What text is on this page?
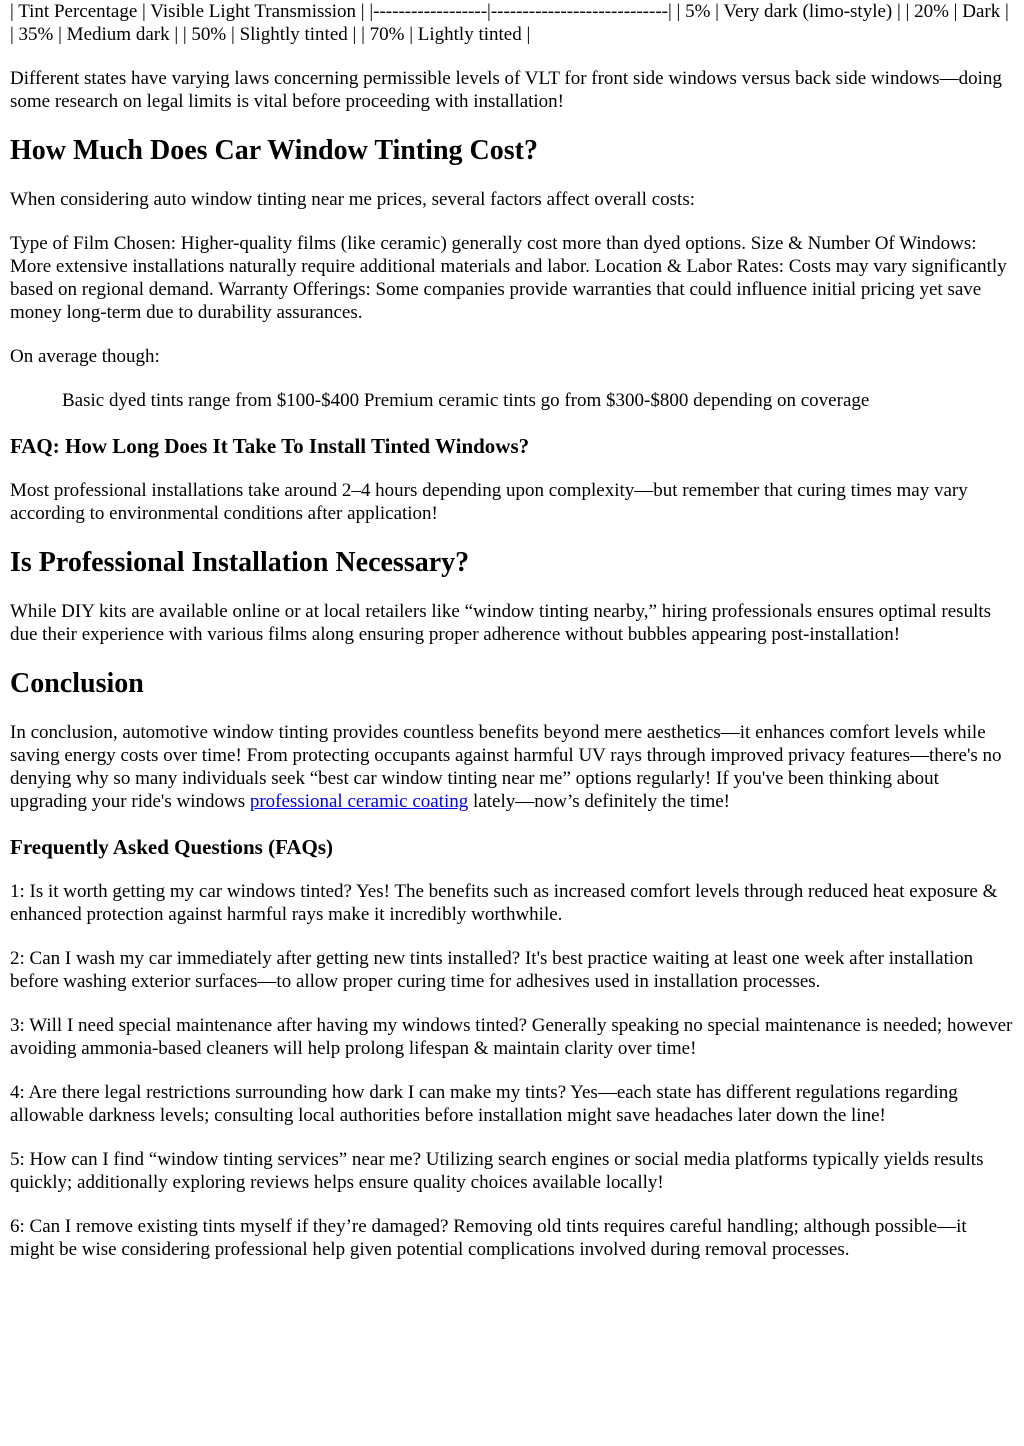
| Tint Percentage | Visible Light Transmission | |------------------|----------------------------| | 5% | Very dark (limo-style) | | 20% | Dark | | 35% | Medium dark | | 50% | Slightly tinted | | 70% | Lightly tinted |

Different states have varying laws concerning permissible levels of VLT for front side windows versus back side windows—doing some research on legal limits is vital before proceeding with installation!

How Much Does Car Window Tinting Cost?

When considering auto window tinting near me prices, several factors affect overall costs:

Type of Film Chosen: Higher-quality films (like ceramic) generally cost more than dyed options. Size & Number Of Windows: More extensive installations naturally require additional materials and labor. Location & Labor Rates: Costs may vary significantly based on regional demand. Warranty Offerings: Some companies provide warranties that could influence initial pricing yet save money long-term due to durability assurances.

On average though:

Basic dyed tints range from $100-$400 Premium ceramic tints go from $300-$800 depending on coverage
FAQ: How Long Does It Take To Install Tinted Windows?

Most professional installations take around 2–4 hours depending upon complexity—but remember that curing times may vary according to environmental conditions after application!

Is Professional Installation Necessary?

While DIY kits are available online or at local retailers like “window tinting nearby,” hiring professionals ensures optimal results due their experience with various films along ensuring proper adherence without bubbles appearing post-installation!

Conclusion

In conclusion, automotive window tinting provides countless benefits beyond mere aesthetics—it enhances comfort levels while saving energy costs over time! From protecting occupants against harmful UV rays through improved privacy features—there's no denying why so many individuals seek “best car window tinting near me” options regularly! If you've been thinking about upgrading your ride's windows professional ceramic coating lately—now’s definitely the time!

Frequently Asked Questions (FAQs)

1: Is it worth getting my car windows tinted? Yes! The benefits such as increased comfort levels through reduced heat exposure & enhanced protection against harmful rays make it incredibly worthwhile.

2: Can I wash my car immediately after getting new tints installed? It's best practice waiting at least one week after installation before washing exterior surfaces—to allow proper curing time for adhesives used in installation processes.

3: Will I need special maintenance after having my windows tinted? Generally speaking no special maintenance is needed; however avoiding ammonia-based cleaners will help prolong lifespan & maintain clarity over time!

4: Are there legal restrictions surrounding how dark I can make my tints? Yes—each state has different regulations regarding allowable darkness levels; consulting local authorities before installation might save headaches later down the line!

5: How can I find “window tinting services” near me? Utilizing search engines or social media platforms typically yields results quickly; additionally exploring reviews helps ensure quality choices available locally!

6: Can I remove existing tints myself if they’re damaged? Removing old tints requires careful handling; although possible—it might be wise considering professional help given potential complications involved during removal processes.
